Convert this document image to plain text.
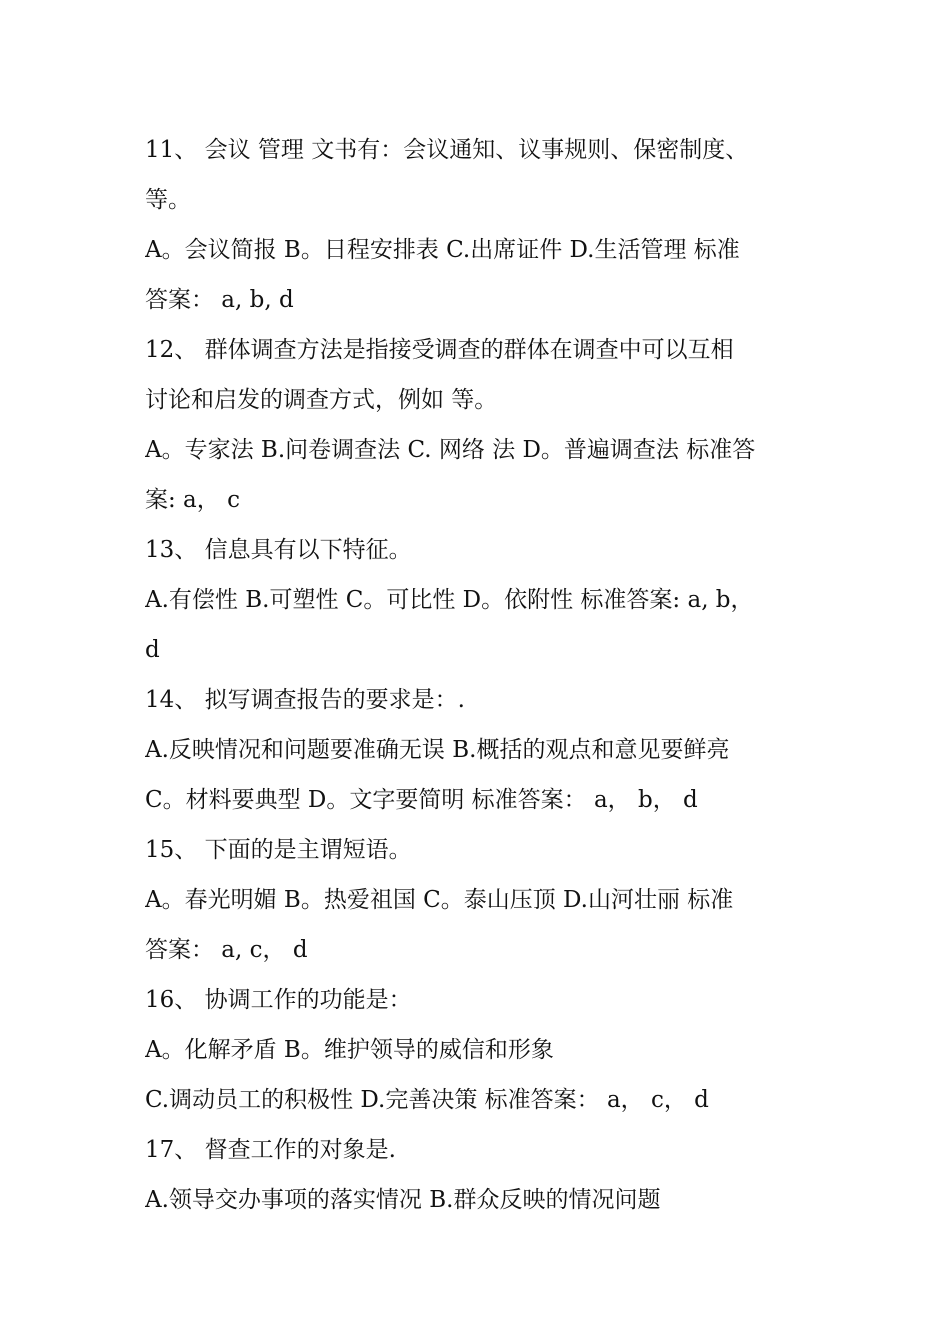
11、 会议 管理 文书有：会议通知、议事规则、保密制度、
等。
A。会议简报 B。日程安排表 C.出席证件 D.生活管理 标准
答案： a, b, d
12、 群体调查方法是指接受调查的群体在调查中可以互相
讨论和启发的调查方式，例如 等。
A。专家法 B.问卷调查法 C. 网络 法 D。普遍调查法 标准答
案: a， c
13、 信息具有以下特征。
A.有偿性 B.可塑性 C。可比性 D。依附性 标准答案: a, b，
d
14、 拟写调查报告的要求是：.
A.反映情况和问题要准确无误 B.概括的观点和意见要鲜亮
C。材料要典型 D。文字要简明 标准答案： a， b， d
15、 下面的是主谓短语。
A。春光明媚 B。热爱祖国 C。泰山压顶 D.山河壮丽 标准
答案： a, c， d
16、 协调工作的功能是：
A。化解矛盾 B。维护领导的威信和形象
C.调动员工的积极性 D.完善决策 标准答案： a， c， d
17、 督查工作的对象是.
A.领导交办事项的落实情况 B.群众反映的情况问题
